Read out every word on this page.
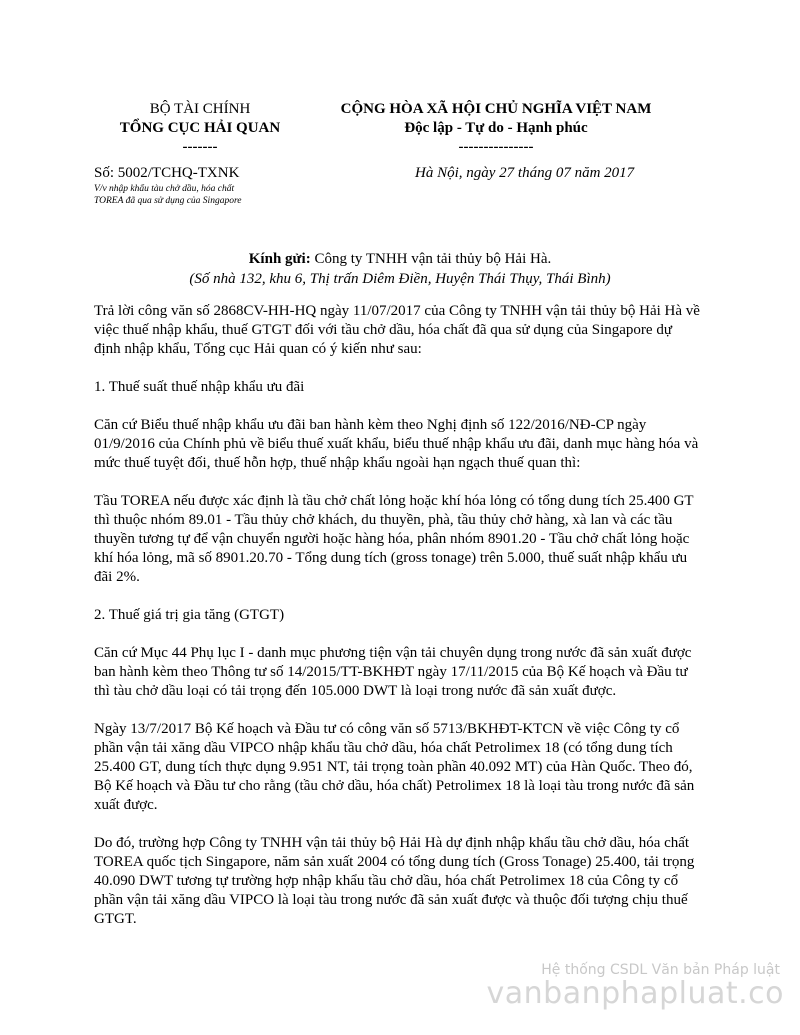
BỘ TÀI CHÍNH
TỔNG CỤC HẢI QUAN
-------
CỘNG HÒA XÃ HỘI CHỦ NGHĨA VIỆT NAM
Độc lập - Tự do - Hạnh phúc
---------------
Số: 5002/TCHQ-TXNK
V/v nhập khẩu tàu chở dầu, hóa chất
TOREA đã qua sử dụng của Singapore
Hà Nội, ngày 27 tháng 07 năm 2017
Kính gửi: Công ty TNHH vận tải thủy bộ Hải Hà.
(Số nhà 132, khu 6, Thị trấn Diêm Điền, Huyện Thái Thụy, Thái Bình)

Trả lời công văn số 2868CV-HH-HQ ngày 11/07/2017 của Công ty TNHH vận tải thủy bộ Hải Hà về việc thuế nhập khẩu, thuế GTGT đối với tầu chở dầu, hóa chất đã qua sử dụng của Singapore dự định nhập khẩu, Tổng cục Hải quan có ý kiến như sau:

1. Thuế suất thuế nhập khẩu ưu đãi

Căn cứ Biểu thuế nhập khẩu ưu đãi ban hành kèm theo Nghị định số 122/2016/NĐ-CP ngày 01/9/2016 của Chính phủ về biểu thuế xuất khẩu, biểu thuế nhập khẩu ưu đãi, danh mục hàng hóa và mức thuế tuyệt đối, thuế hỗn hợp, thuế nhập khẩu ngoài hạn ngạch thuế quan thì:

Tầu TOREA nếu được xác định là tầu chở chất lỏng hoặc khí hóa lỏng có tổng dung tích 25.400 GT thì thuộc nhóm 89.01 - Tầu thủy chở khách, du thuyền, phà, tầu thủy chở hàng, xà lan và các tầu thuyền tương tự để vận chuyển người hoặc hàng hóa, phân nhóm 8901.20 - Tầu chở chất lỏng hoặc khí hóa lỏng, mã số 8901.20.70 - Tổng dung tích (gross tonage) trên 5.000, thuế suất nhập khẩu ưu đãi 2%.

2. Thuế giá trị gia tăng (GTGT)

Căn cứ Mục 44 Phụ lục I - danh mục phương tiện vận tải chuyên dụng trong nước đã sản xuất được ban hành kèm theo Thông tư số 14/2015/TT-BKHĐT ngày 17/11/2015 của Bộ Kế hoạch và Đầu tư thì tàu chở dầu loại có tải trọng đến 105.000 DWT là loại trong nước đã sản xuất được.

Ngày 13/7/2017 Bộ Kế hoạch và Đầu tư có công văn số 5713/BKHĐT-KTCN về việc Công ty cổ phần vận tải xăng dầu VIPCO nhập khẩu tầu chở dầu, hóa chất Petrolimex 18 (có tổng dung tích 25.400 GT, dung tích thực dụng 9.951 NT, tải trọng toàn phần 40.092 MT) của Hàn Quốc. Theo đó, Bộ Kế hoạch và Đầu tư cho rằng (tầu chở dầu, hóa chất) Petrolimex 18 là loại tàu trong nước đã sản xuất được.

Do đó, trường hợp Công ty TNHH vận tải thủy bộ Hải Hà dự định nhập khẩu tầu chở dầu, hóa chất TOREA quốc tịch Singapore, năm sản xuất 2004 có tổng dung tích (Gross Tonage) 25.400, tải trọng 40.090 DWT tương tự trường hợp nhập khẩu tầu chở dầu, hóa chất Petrolimex 18 của Công ty cổ phần vận tải xăng dầu VIPCO là loại tàu trong nước đã sản xuất được và thuộc đối tượng chịu thuế GTGT.

Hệ thống CSDL Văn bản Pháp luật
vanbanphapluat.co
